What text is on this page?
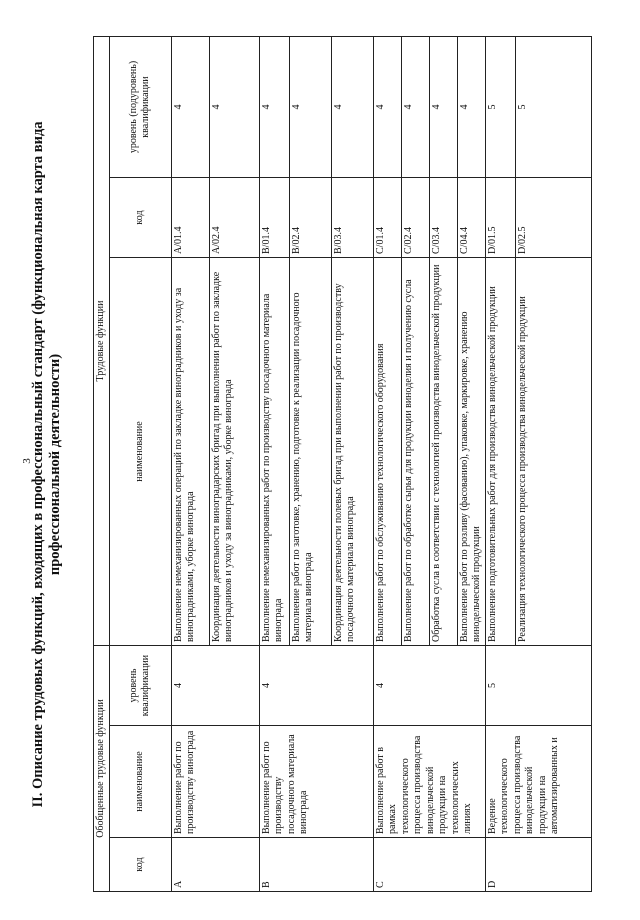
3
II. Описание трудовых функций, входящих в профессиональный стандарт (функциональная карта вида профессиональной деятельности)
Обобщенные трудовые функции			Трудовые функции		
код	наименование	уровень квалификации	наименование	код	уровень (подуровень) квалификации
A	Выполнение работ по производству винограда	4	Выполнение немеханизированных операций по закладке виноградников и уходу за виноградниками, уборке винограда	A/01.4	4
			Координация деятельности виноградарских бригад при выполнении работ по закладке виноградников и уходу за виноградниками, уборке винограда	A/02.4	4
B	Выполнение работ по производству посадочного материала винограда	4	Выполнение немеханизированных работ по производству посадочного материала винограда	B/01.4	4
			Выполнение работ по заготовке, хранению, подготовке к реализации посадочного материала винограда	B/02.4	4
			Координация деятельности полевых бригад при выполнении работ по производству посадочного материала винограда	B/03.4	4
C	Выполнение работ в рамках технологического процесса производства винодельческой продукции на технологических линиях	4	Выполнение работ по обслуживанию технологического оборудования	C/01.4	4
			Выполнение работ по обработке сырья для продукции виноделия и получению сусла	C/02.4	4
			Обработка сусла в соответствии с технологией производства винодельческой продукции	C/03.4	4
			Выполнение работ по розливу (фасованию), упаковке, маркировке, хранению винодельческой продукции	C/04.4	4
D	Ведение технологического процесса производства винодельческой продукции на автоматизированных и	5	Выполнение подготовительных работ для производства винодельческой продукции	D/01.5	5
			Реализация технологического процесса производства винодельческой продукции	D/02.5	5
